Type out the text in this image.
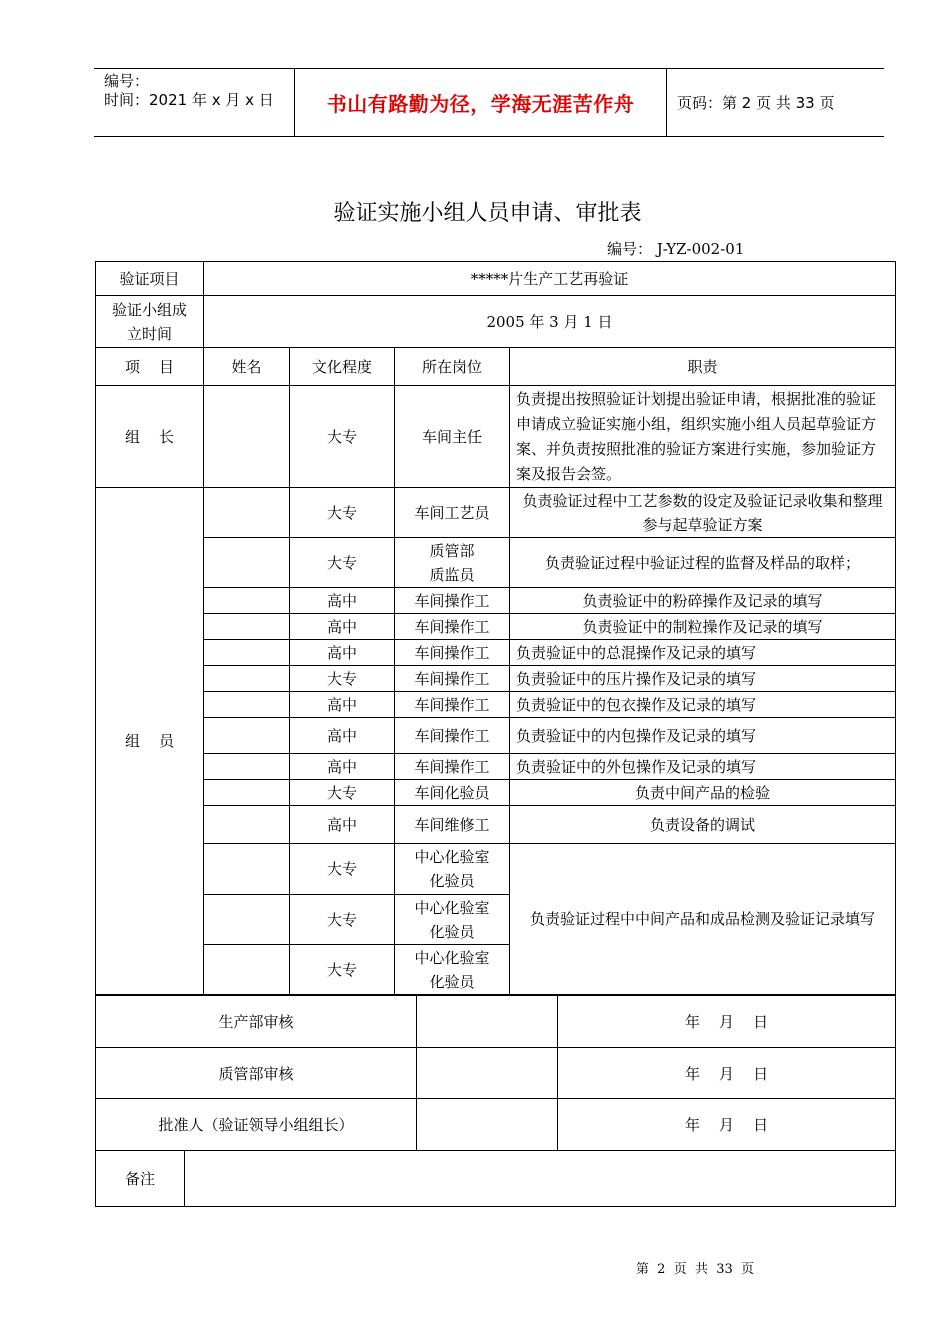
编号：
时间：2021 年 x 月 x 日	书山有路勤为径，学海无涯苦作舟	页码：第 2 页 共 33 页
验证实施小组人员申请、审批表
编号： J-YZ-002-01
验证项目	*****片生产工艺再验证			

验证小组成
立时间	2005 年 3 月 1 日			
项    目	姓名	文化程度	所在岗位	职责
组    长		大专	车间主任	负责提出按照验证计划提出验证申请，根据批准的验证申请成立验证实施小组，组织实施小组人员起草验证方案、并负责按照批准的验证方案进行实施，参加验证方案及报告会签。
组    员		大专	车间工艺员	负责验证过程中工艺参数的设定及验证记录收集和整理参与起草验证方案
		大专	质管部
质监员	负责验证过程中验证过程的监督及样品的取样；
		高中	车间操作工	负责验证中的粉碎操作及记录的填写
		高中	车间操作工	负责验证中的制粒操作及记录的填写
		高中	车间操作工	负责验证中的总混操作及记录的填写
		大专	车间操作工	负责验证中的压片操作及记录的填写
		高中	车间操作工	负责验证中的包衣操作及记录的填写
		高中	车间操作工	负责验证中的内包操作及记录的填写
		高中	车间操作工	负责验证中的外包操作及记录的填写
		大专	车间化验员	负责中间产品的检验
		高中	车间维修工	负责设备的调试
		大专	中心化验室
化验员	负责验证过程中中间产品和成品检测及验证记录填写
		大专	中心化验室
化验员	

		大专	中心化验室
化验员	
生产部审核			年    月    日
质管部审核			年    月    日
批准人（验证领导小组组长）			年    月    日
备注			
第  2  页  共  33  页
